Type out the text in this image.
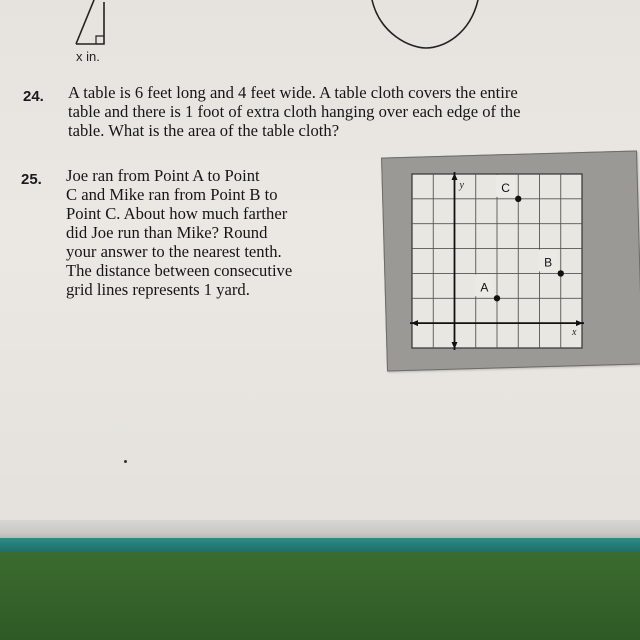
x in.
24. A table is 6 feet long and 4 feet wide. A table cloth covers the entire
table and there is 1 foot of extra cloth hanging over each edge of the
table. What is the area of the table cloth?
25. Joe ran from Point A to Point
C and Mike ran from Point B to
Point C. About how much farther
did Joe run than Mike? Round
your answer to the nearest tenth.
The distance between consecutive
grid lines represents 1 yard.
y
x
C
B
A
